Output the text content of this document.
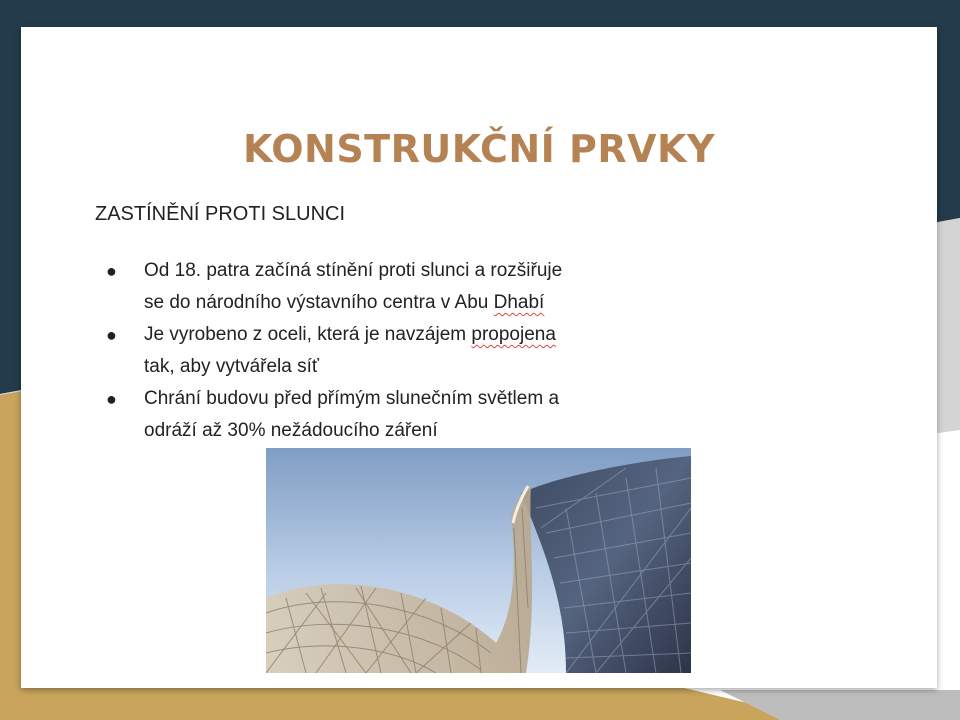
KONSTRUKČNÍ PRVKY
ZASTÍNĚNÍ PROTI SLUNCI
● Od 18. patra začíná stínění proti slunci a rozšiřuje
se do národního výstavního centra v Abu Dhabí
● Je vyrobeno z oceli, která je navzájem propojena
tak, aby vytvářela síť
● Chrání budovu před přímým slunečním světlem a
odráží až 30% nežádoucího záření
